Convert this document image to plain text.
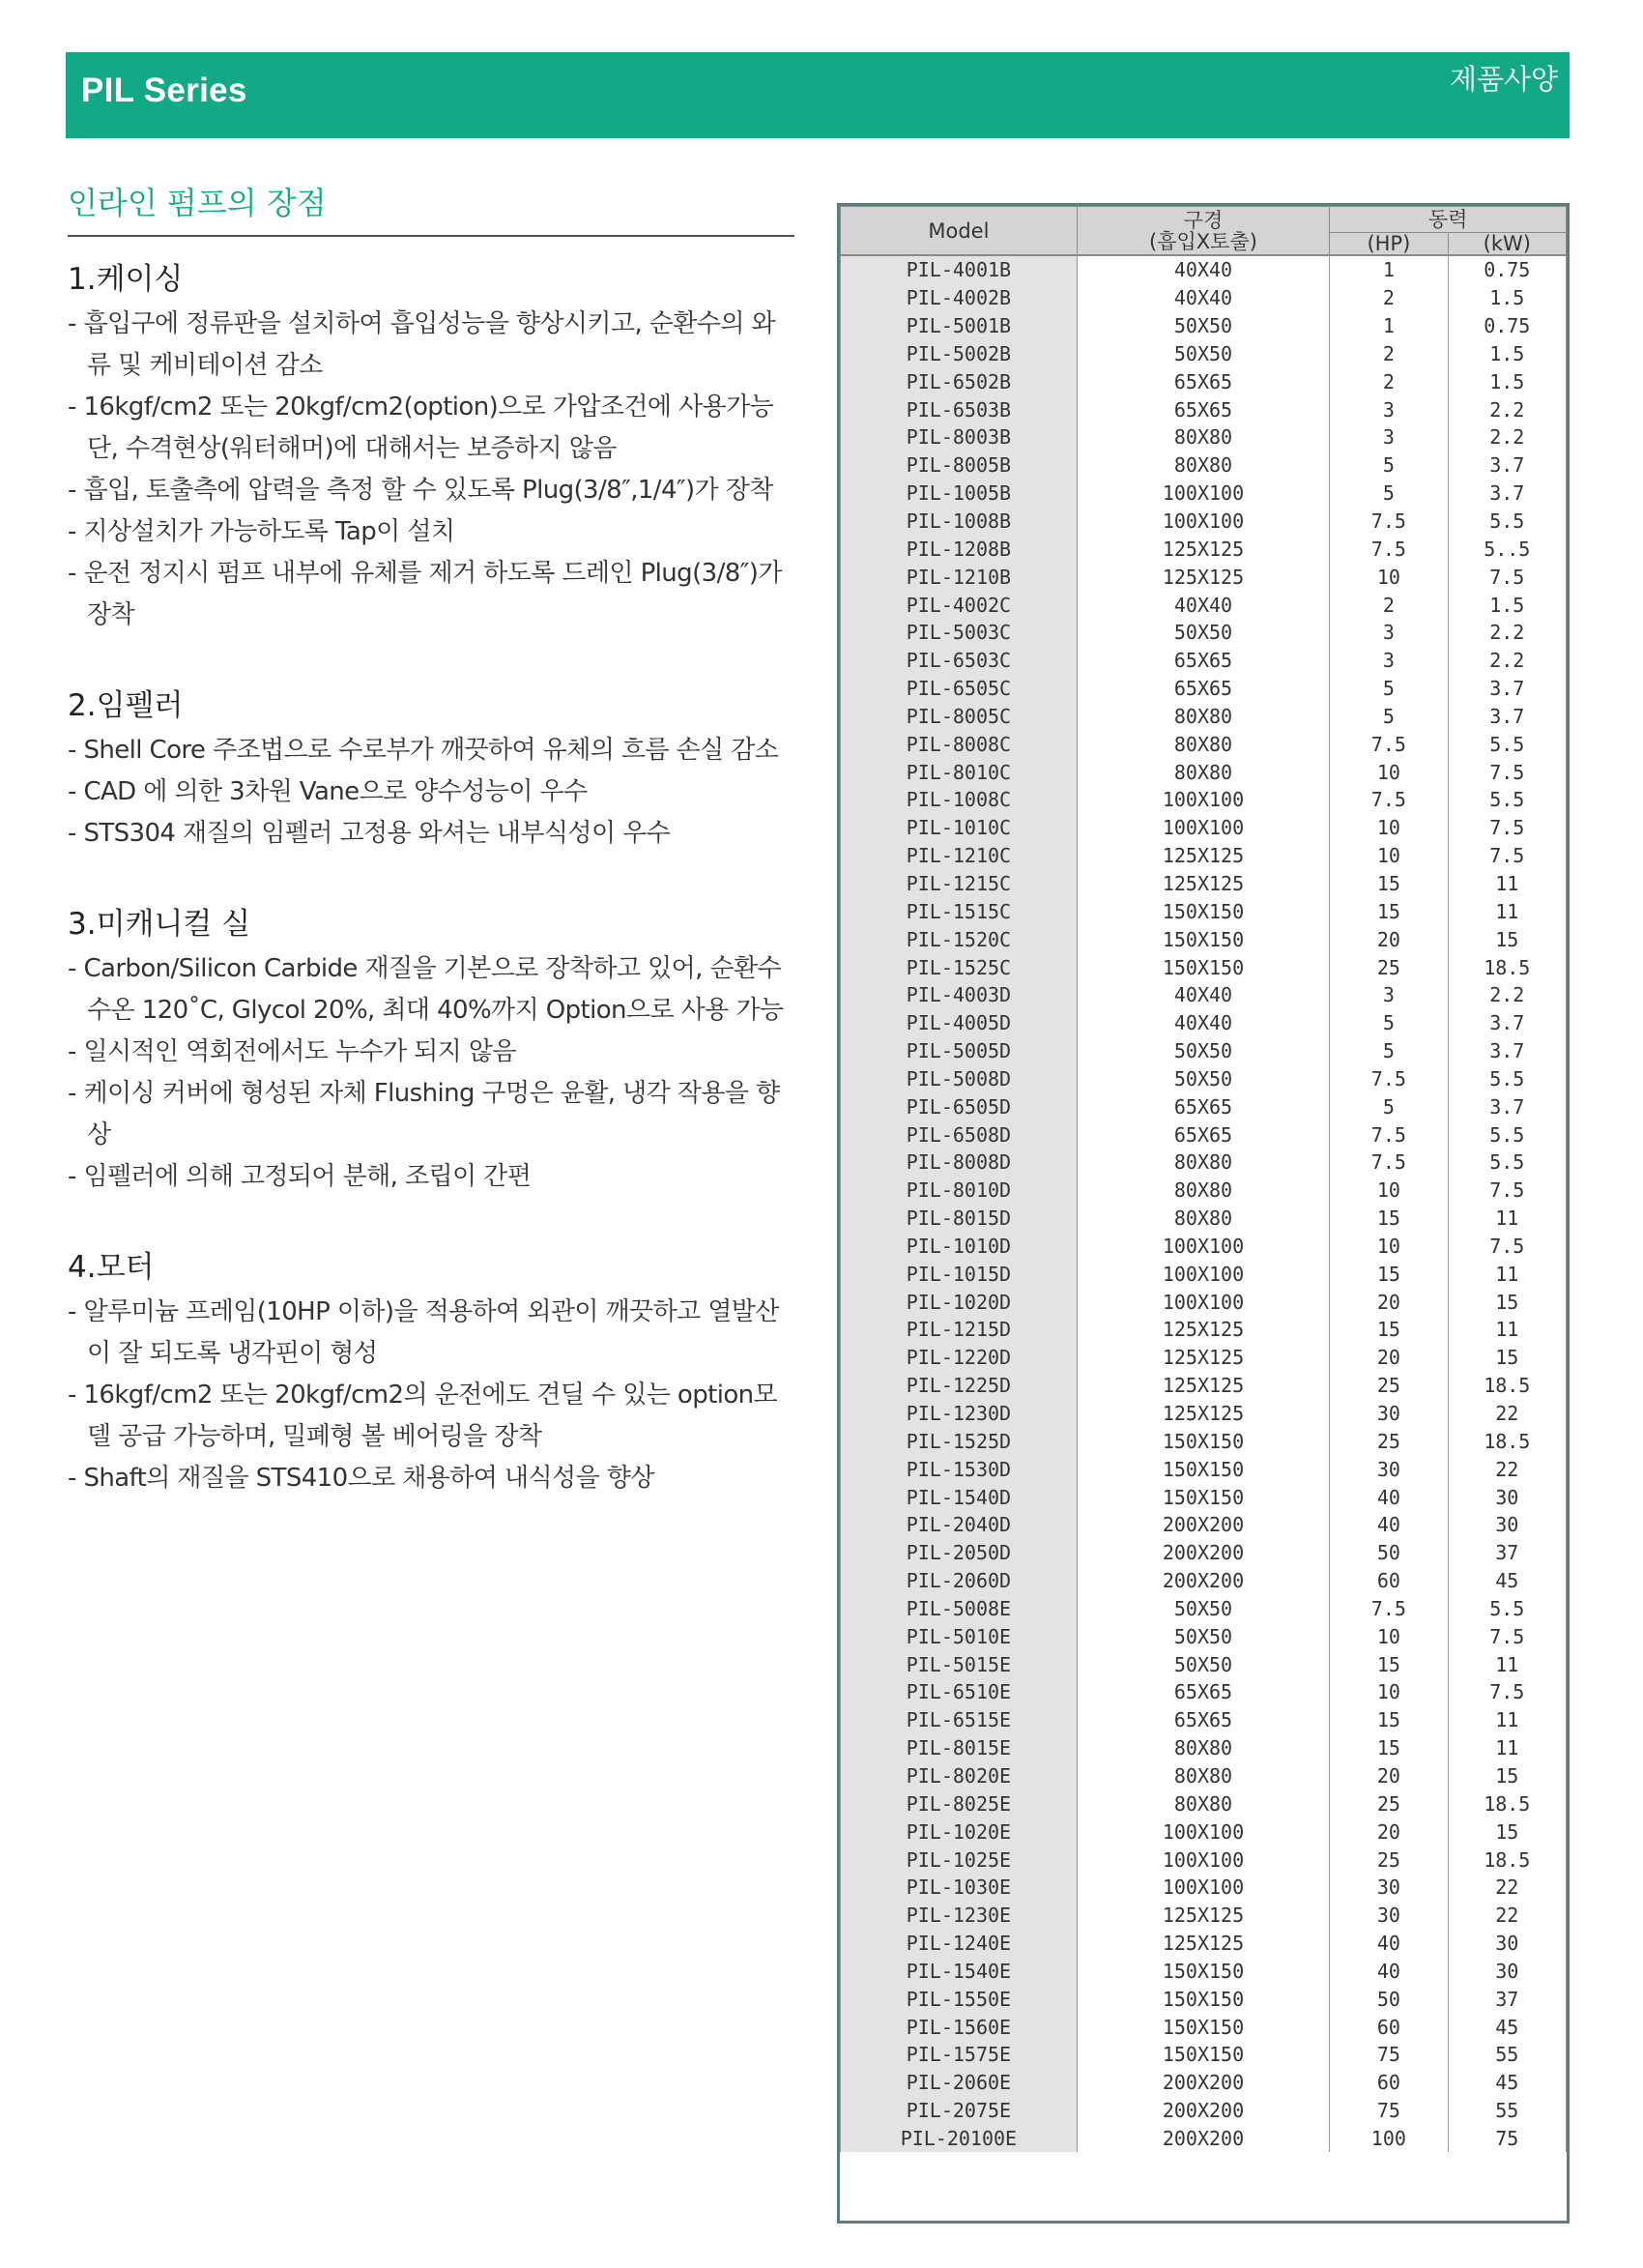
PIL Series	제품사양
인라인 펌프의 장점
1.케이싱
- 흡입구에 정류판을 설치하여 흡입성능을 향상시키고, 순환수의 와류 및 케비테이션 감소
- 16kgf/cm2 또는 20kgf/cm2(option)으로 가압조건에 사용가능 단, 수격현상(워터해머)에 대해서는 보증하지 않음
- 흡입, 토출측에 압력을 측정 할 수 있도록 Plug(3/8″,1/4″)가 장착
- 지상설치가 가능하도록 Tap이 설치
- 운전 정지시 펌프 내부에 유체를 제거 하도록 드레인 Plug(3/8″)가 장착
2.임펠러
- Shell Core 주조법으로 수로부가 깨끗하여 유체의 흐름 손실 감소
- CAD 에 의한 3차원 Vane으로 양수성능이 우수
- STS304 재질의 임펠러 고정용 와셔는 내부식성이 우수
3.미캐니컬 실
- Carbon/Silicon Carbide 재질을 기본으로 장착하고 있어, 순환수 수온 120˚C, Glycol 20%, 최대 40%까지 Option으로 사용 가능
- 일시적인 역회전에서도 누수가 되지 않음
- 케이싱 커버에 형성된 자체 Flushing 구멍은 윤활, 냉각 작용을 향상
- 임펠러에 의해 고정되어 분해, 조립이 간편
4.모터
- 알루미늄 프레임(10HP 이하)을 적용하여 외관이 깨끗하고 열발산이 잘 되도록 냉각핀이 형성
- 16kgf/cm2 또는 20kgf/cm2의 운전에도 견딜 수 있는 option모델 공급 가능하며, 밀폐형 볼 베어링을 장착
- Shaft의 재질을 STS410으로 채용하여 내식성을 향상
Model	구경
(흡입X토출)	동력	
		(HP)	(kW)
PIL-4001B	40X40	1	0.75
PIL-4002B	40X40	2	1.5
PIL-5001B	50X50	1	0.75
PIL-5002B	50X50	2	1.5
PIL-6502B	65X65	2	1.5
PIL-6503B	65X65	3	2.2
PIL-8003B	80X80	3	2.2
PIL-8005B	80X80	5	3.7
PIL-1005B	100X100	5	3.7
PIL-1008B	100X100	7.5	5.5
PIL-1208B	125X125	7.5	5..5
PIL-1210B	125X125	10	7.5
PIL-4002C	40X40	2	1.5
PIL-5003C	50X50	3	2.2
PIL-6503C	65X65	3	2.2
PIL-6505C	65X65	5	3.7
PIL-8005C	80X80	5	3.7
PIL-8008C	80X80	7.5	5.5
PIL-8010C	80X80	10	7.5
PIL-1008C	100X100	7.5	5.5
PIL-1010C	100X100	10	7.5
PIL-1210C	125X125	10	7.5
PIL-1215C	125X125	15	11
PIL-1515C	150X150	15	11
PIL-1520C	150X150	20	15
PIL-1525C	150X150	25	18.5
PIL-4003D	40X40	3	2.2
PIL-4005D	40X40	5	3.7
PIL-5005D	50X50	5	3.7
PIL-5008D	50X50	7.5	5.5
PIL-6505D	65X65	5	3.7
PIL-6508D	65X65	7.5	5.5
PIL-8008D	80X80	7.5	5.5
PIL-8010D	80X80	10	7.5
PIL-8015D	80X80	15	11
PIL-1010D	100X100	10	7.5
PIL-1015D	100X100	15	11
PIL-1020D	100X100	20	15
PIL-1215D	125X125	15	11
PIL-1220D	125X125	20	15
PIL-1225D	125X125	25	18.5
PIL-1230D	125X125	30	22
PIL-1525D	150X150	25	18.5
PIL-1530D	150X150	30	22
PIL-1540D	150X150	40	30
PIL-2040D	200X200	40	30
PIL-2050D	200X200	50	37
PIL-2060D	200X200	60	45
PIL-5008E	50X50	7.5	5.5
PIL-5010E	50X50	10	7.5
PIL-5015E	50X50	15	11
PIL-6510E	65X65	10	7.5
PIL-6515E	65X65	15	11
PIL-8015E	80X80	15	11
PIL-8020E	80X80	20	15
PIL-8025E	80X80	25	18.5
PIL-1020E	100X100	20	15
PIL-1025E	100X100	25	18.5
PIL-1030E	100X100	30	22
PIL-1230E	125X125	30	22
PIL-1240E	125X125	40	30
PIL-1540E	150X150	40	30
PIL-1550E	150X150	50	37
PIL-1560E	150X150	60	45
PIL-1575E	150X150	75	55
PIL-2060E	200X200	60	45
PIL-2075E	200X200	75	55
PIL-20100E	200X200	100	75
